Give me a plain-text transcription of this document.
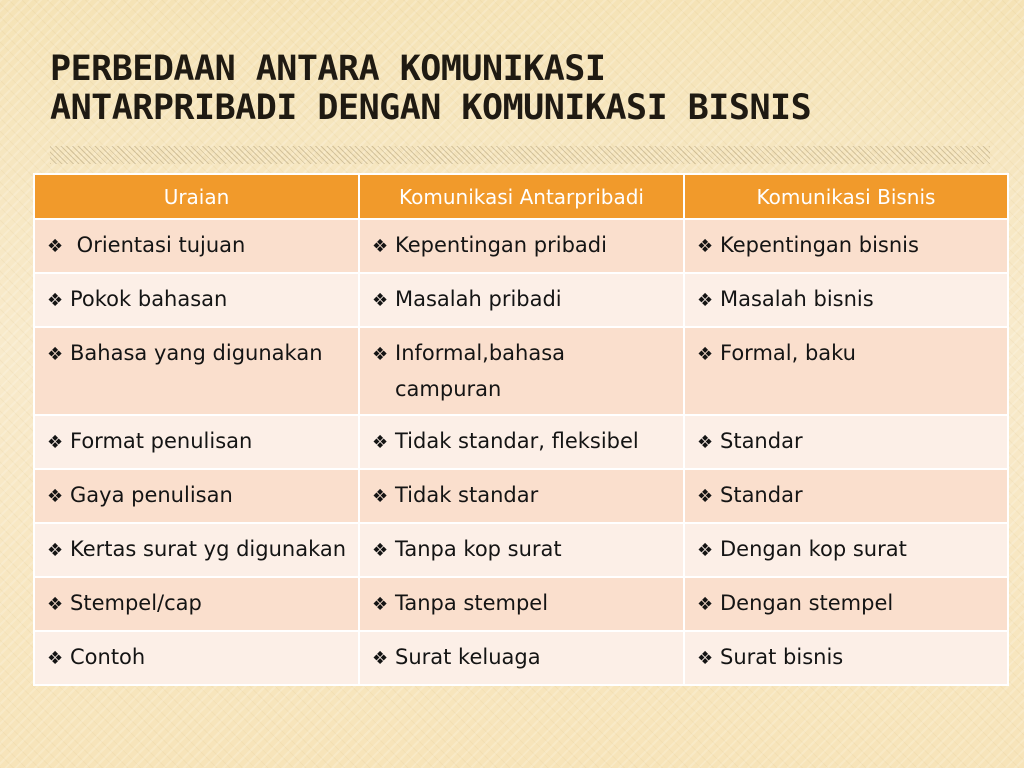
PERBEDAAN ANTARA KOMUNIKASI
ANTARPRIBADI DENGAN KOMUNIKASI BISNIS
Uraian	Komunikasi Antarpribadi	Komunikasi Bisnis

❖ Orientasi tujuan	❖ Kepentingan pribadi	❖ Kepentingan bisnis

❖ Pokok bahasan	❖ Masalah pribadi	❖ Masalah bisnis

❖ Bahasa yang digunakan	❖ Informal,bahasa campuran	❖ Formal, baku

❖ Format penulisan	❖ Tidak standar, fleksibel	❖ Standar

❖ Gaya penulisan	❖ Tidak standar	❖ Standar

❖ Kertas surat yg digunakan	❖ Tanpa kop surat	❖ Dengan kop surat

❖ Stempel/cap	❖ Tanpa stempel	❖ Dengan stempel

❖ Contoh	❖ Surat keluaga	❖ Surat bisnis
